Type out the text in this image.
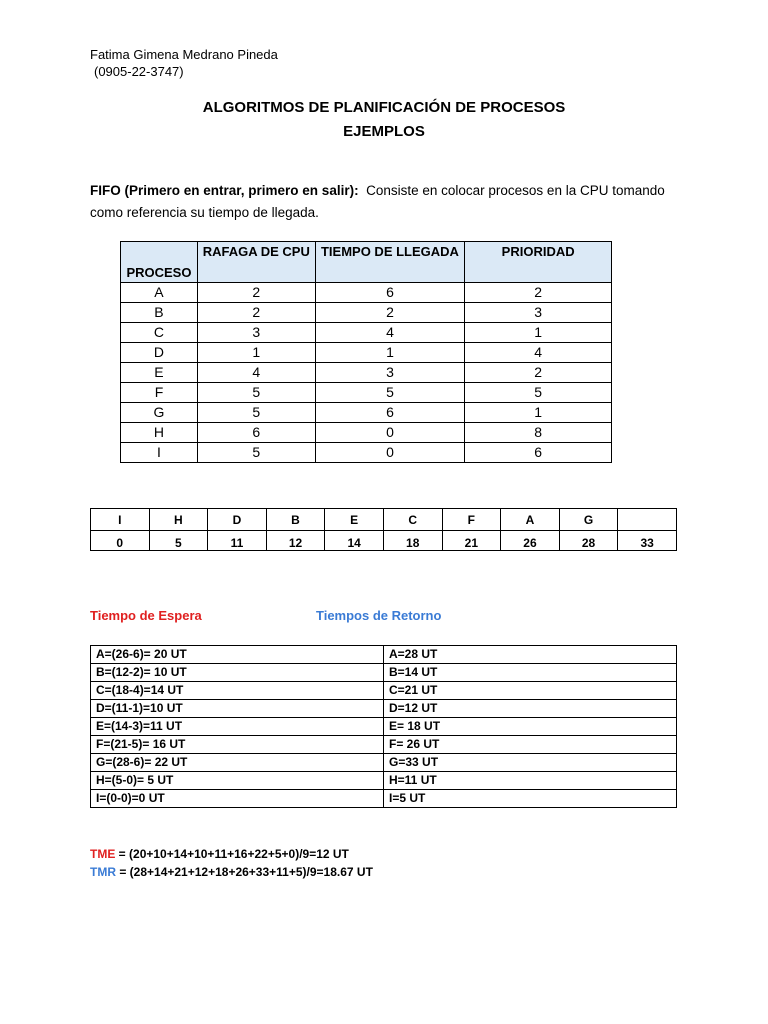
Fatima Gimena Medrano Pineda
(0905-22-3747)
ALGORITMOS DE PLANIFICACIÓN DE PROCESOS
EJEMPLOS
FIFO (Primero en entrar, primero en salir): Consiste en colocar procesos en la CPU tomando como referencia su tiempo de llegada.
PROCESO	RAFAGA DE CPU	TIEMPO DE LLEGADA	PRIORIDAD
A	2	6	2
B	2	2	3
C	3	4	1
D	1	1	4
E	4	3	2
F	5	5	5
G	5	6	1
H	6	0	8
I	5	0	6
I	H	D	B	E	C	F	A	G	
0	5	11	12	14	18	21	26	28	33
Tiempo de Espera	Tiempos de Retorno
A=(26-6)= 20 UT	A=28 UT
B=(12-2)= 10 UT	B=14 UT
C=(18-4)=14 UT	C=21 UT
D=(11-1)=10 UT	D=12 UT
E=(14-3)=11 UT	E= 18 UT
F=(21-5)= 16 UT	F= 26 UT
G=(28-6)= 22 UT	G=33 UT
H=(5-0)= 5 UT	H=11 UT
I=(0-0)=0 UT	I=5 UT
TME = (20+10+14+10+11+16+22+5+0)/9=12 UT
TMR = (28+14+21+12+18+26+33+11+5)/9=18.67 UT
